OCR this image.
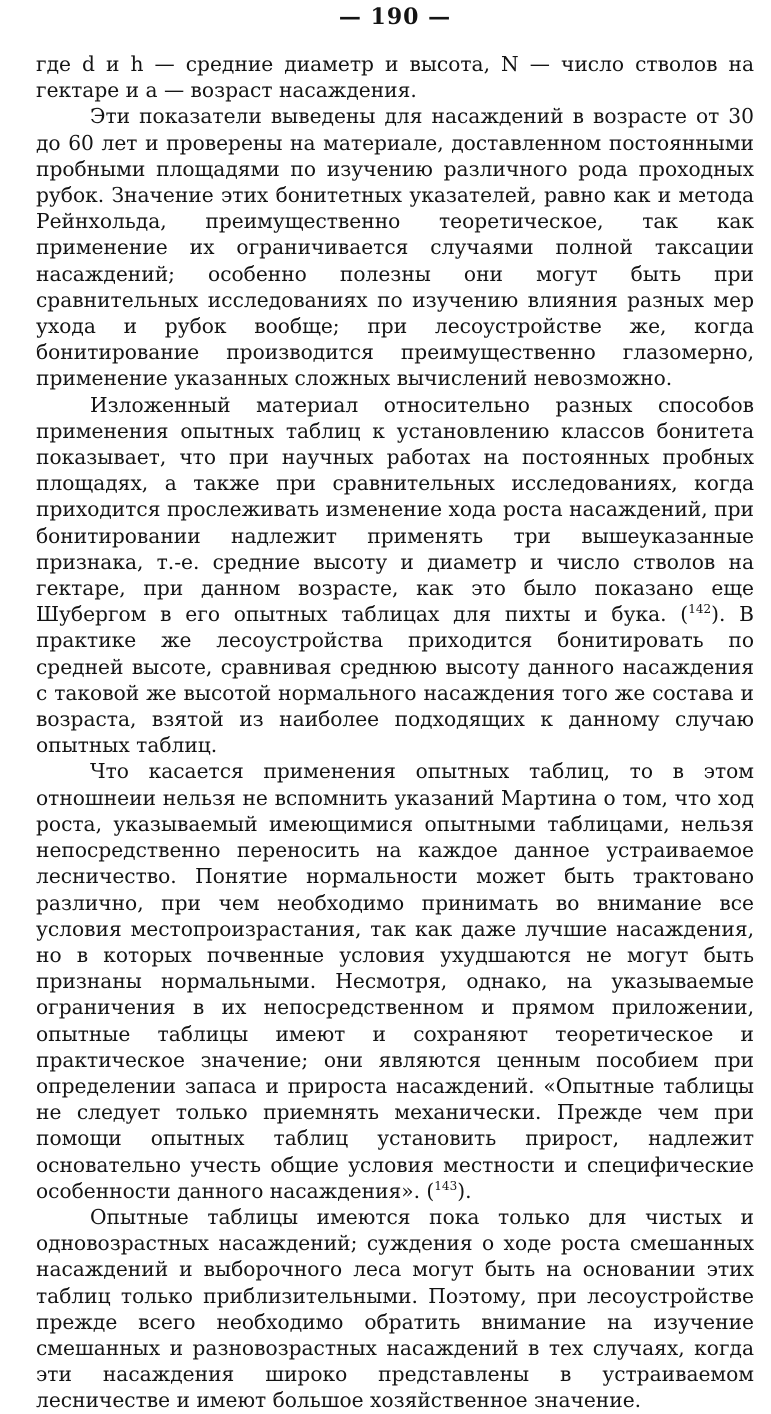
— 190 —

где d и h — средние диаметр и высота, N — число стволов на гектаре и a — возраст насаждения.

Эти показатели выведены для насаждений в возрасте от 30 до 60 лет и проверены на материале, доставленном постоянными пробными площадями по изучению различного рода проходных рубок. Значение этих бонитетных указателей, равно как и метода Рейнхольда, преимущественно теоретическое, так как применение их ограничивается случаями полной таксации насаждений; особенно полезны они могут быть при сравнительных исследованиях по изучению влияния разных мер ухода и рубок вообще; при лесоустройстве же, когда бонитирование производится преимущественно глазомерно, применение указанных сложных вычислений невозможно.

Изложенный материал относительно разных способов применения опытных таблиц к установлению классов бонитета показывает, что при научных работах на постоянных пробных площадях, а также при сравнительных исследованиях, когда приходится прослеживать изменение хода роста насаждений, при бонитировании надлежит применять три вышеуказанные признака, т.-е. средние высоту и диаметр и число стволов на гектаре, при данном возрасте, как это было показано еще Шубергом в его опытных таблицах для пихты и бука. ($^{142}$). В практике же лесоустройства приходится бонитировать по средней высоте, сравнивая среднюю высоту данного насаждения с таковой же высотой нормального насаждения того же состава и возраста, взятой из наиболее подходящих к данному случаю опытных таблиц.

Что касается применения опытных таблиц, то в этом отношнеии нельзя не вспомнить указаний Мартина о том, что ход роста, указываемый имеющимися опытными таблицами, нельзя непосредственно переносить на каждое данное устраиваемое лесничество. Понятие нормальности может быть трактовано различно, при чем необходимо принимать во внимание все условия местопроизрастания, так как даже лучшие насаждения, но в которых почвенные условия ухудшаются не могут быть признаны нормальными. Несмотря, однако, на указываемые ограничения в их непосредственном и прямом приложении, опытные таблицы имеют и сохраняют теоретическое и практическое значение; они являются ценным пособием при определении запаса и прироста насаждений. «Опытные таблицы не следует только приемнять механически. Прежде чем при помощи опытных таблиц установить прирост, надлежит основательно учесть общие условия местности и специфические особенности данного насаждения». ($^{143}$).

Опытные таблицы имеются пока только для чистых и одновозрастных насаждений; суждения о ходе роста смешанных насаждений и выборочного леса могут быть на основании этих таблиц только приблизительными. Поэтому, при лесоустройстве прежде всего необходимо обратить внимание на изучение смешанных и разновозрастных насаждений в тех случаях, когда эти насаждения широко представлены в устраиваемом лесничестве и имеют большое хозяйственное значение.
